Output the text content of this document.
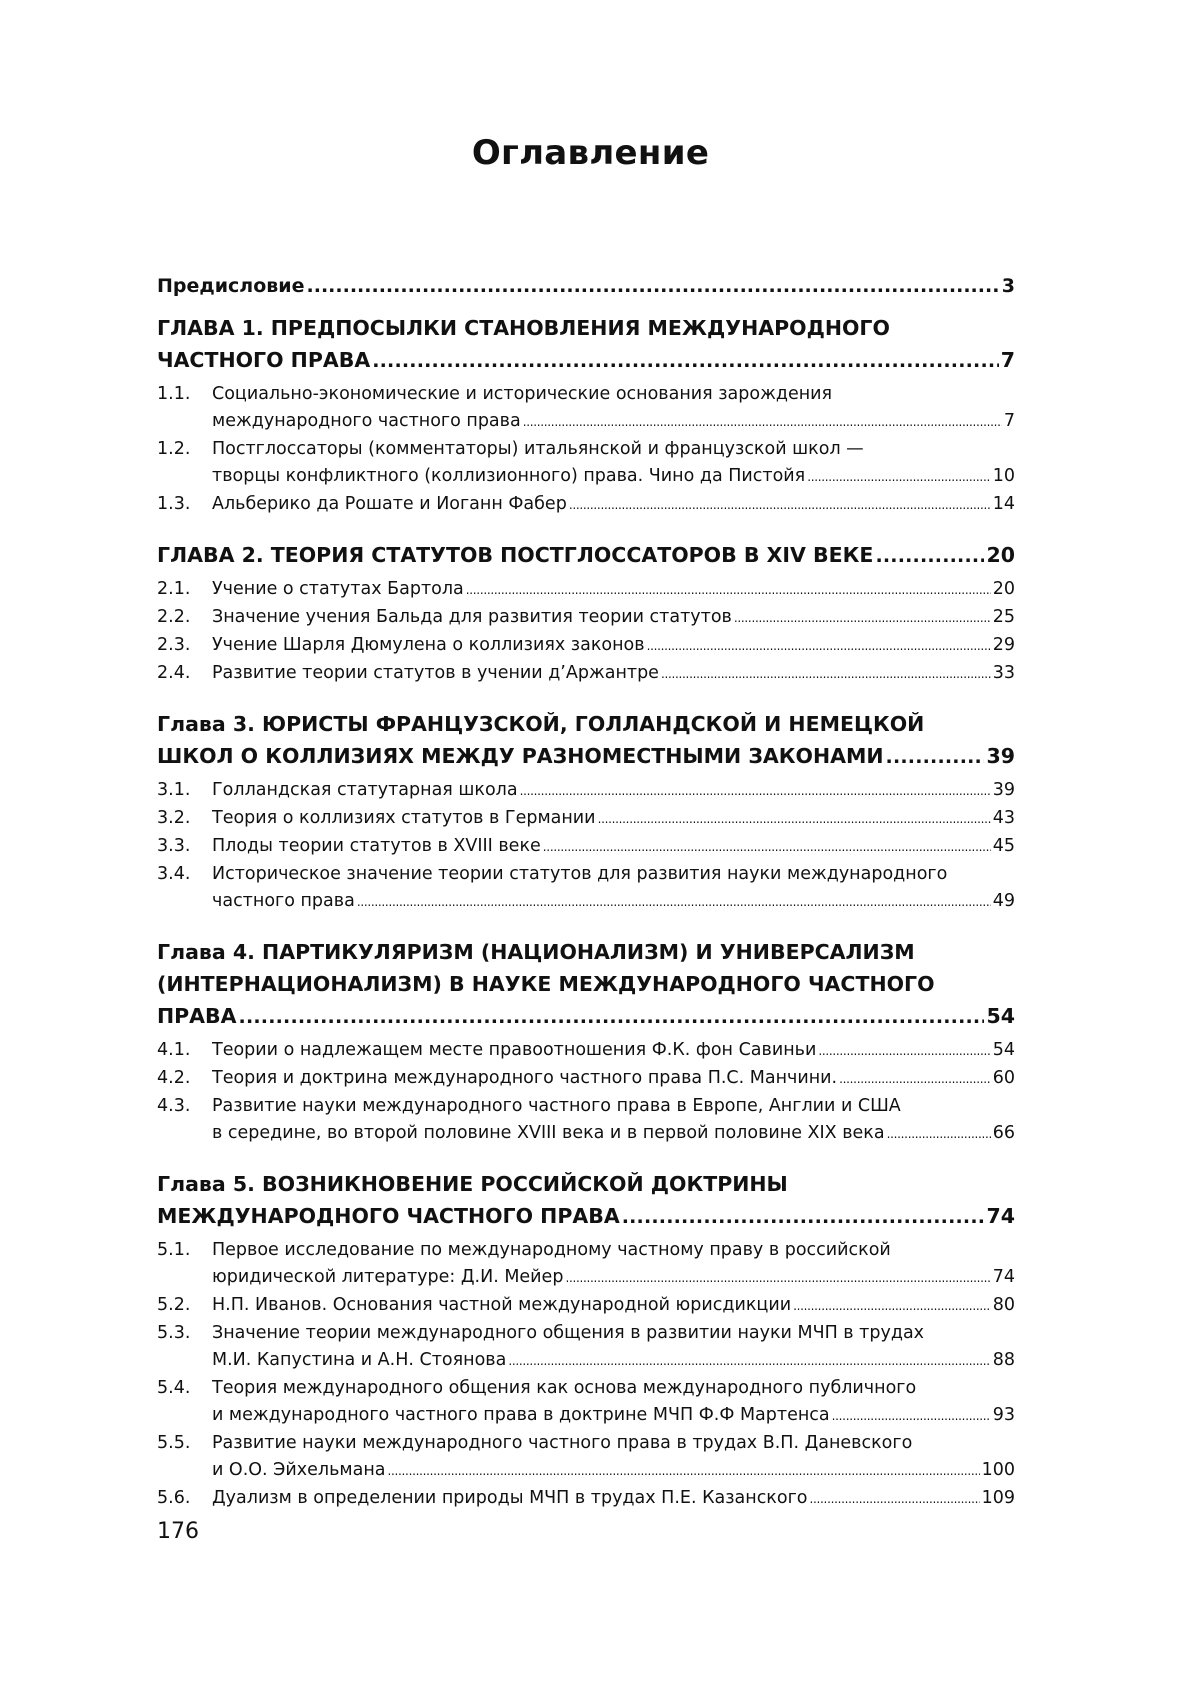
Оглавление
Предисловие .....	3
ГЛАВА 1. ПРЕДПОСЫЛКИ СТАНОВЛЕНИЯ МЕЖДУНАРОДНОГО
ЧАСТНОГО ПРАВА .....	7
1.1.	Социально-экономические и исторические основания зарождения
международного частного права .....	7
1.2.	Постглоссаторы (комментаторы) итальянской и французской школ —
творцы конфликтного (коллизионного) права. Чино да Пистойя .....	10
1.3.	Альберико да Рошате и Иоганн Фабер .....	14
ГЛАВА 2. ТЕОРИЯ СТАТУТОВ ПОСТГЛОССАТОРОВ В XIV ВЕКЕ .....	20
2.1.	Учение о статутах Бартола .....	20
2.2.	Значение учения Бальда для развития теории статутов .....	25
2.3.	Учение Шарля Дюмулена о коллизиях законов .....	29
2.4.	Развитие теории статутов в учении д’Аржантре .....	33
Глава 3. ЮРИСТЫ ФРАНЦУЗСКОЙ, ГОЛЛАНДСКОЙ И НЕМЕЦКОЙ
ШКОЛ О КОЛЛИЗИЯХ МЕЖДУ РАЗНОМЕСТНЫМИ ЗАКОНАМИ .....	39
3.1.	Голландская статутарная школа .....	39
3.2.	Теория о коллизиях статутов в Германии .....	43
3.3.	Плоды теории статутов в XVIII веке .....	45
3.4.	Историческое значение теории статутов для развития науки международного
частного права .....	49
Глава 4. ПАРТИКУЛЯРИЗМ (НАЦИОНАЛИЗМ) И УНИВЕРСАЛИЗМ
(ИНТЕРНАЦИОНАЛИЗМ) В НАУКЕ МЕЖДУНАРОДНОГО ЧАСТНОГО
ПРАВА .....	54
4.1.	Теории о надлежащем месте правоотношения Ф.К. фон Савиньи .....	54
4.2.	Теория и доктрина международного частного права П.С. Манчини. .....	60
4.3.	Развитие науки международного частного права в Европе, Англии и США
в середине, во второй половине XVIII века и в первой половине XIX века .....	66
Глава 5. ВОЗНИКНОВЕНИЕ РОССИЙСКОЙ ДОКТРИНЫ
МЕЖДУНАРОДНОГО ЧАСТНОГО ПРАВА .....	74
5.1.	Первое исследование по международному частному праву в российской
юридической литературе: Д.И. Мейер .....	74
5.2.	Н.П. Иванов. Основания частной международной юрисдикции .....	80
5.3.	Значение теории международного общения в развитии науки МЧП в трудах
М.И. Капустина и А.Н. Стоянова .....	88
5.4.	Теория международного общения как основа международного публичного
и международного частного права в доктрине МЧП Ф.Ф Мартенса .....	93
5.5.	Развитие науки международного частного права в трудах В.П. Даневского
и О.О. Эйхельмана .....	100
5.6.	Дуализм в определении природы МЧП в трудах П.Е. Казанского .....	109
176
